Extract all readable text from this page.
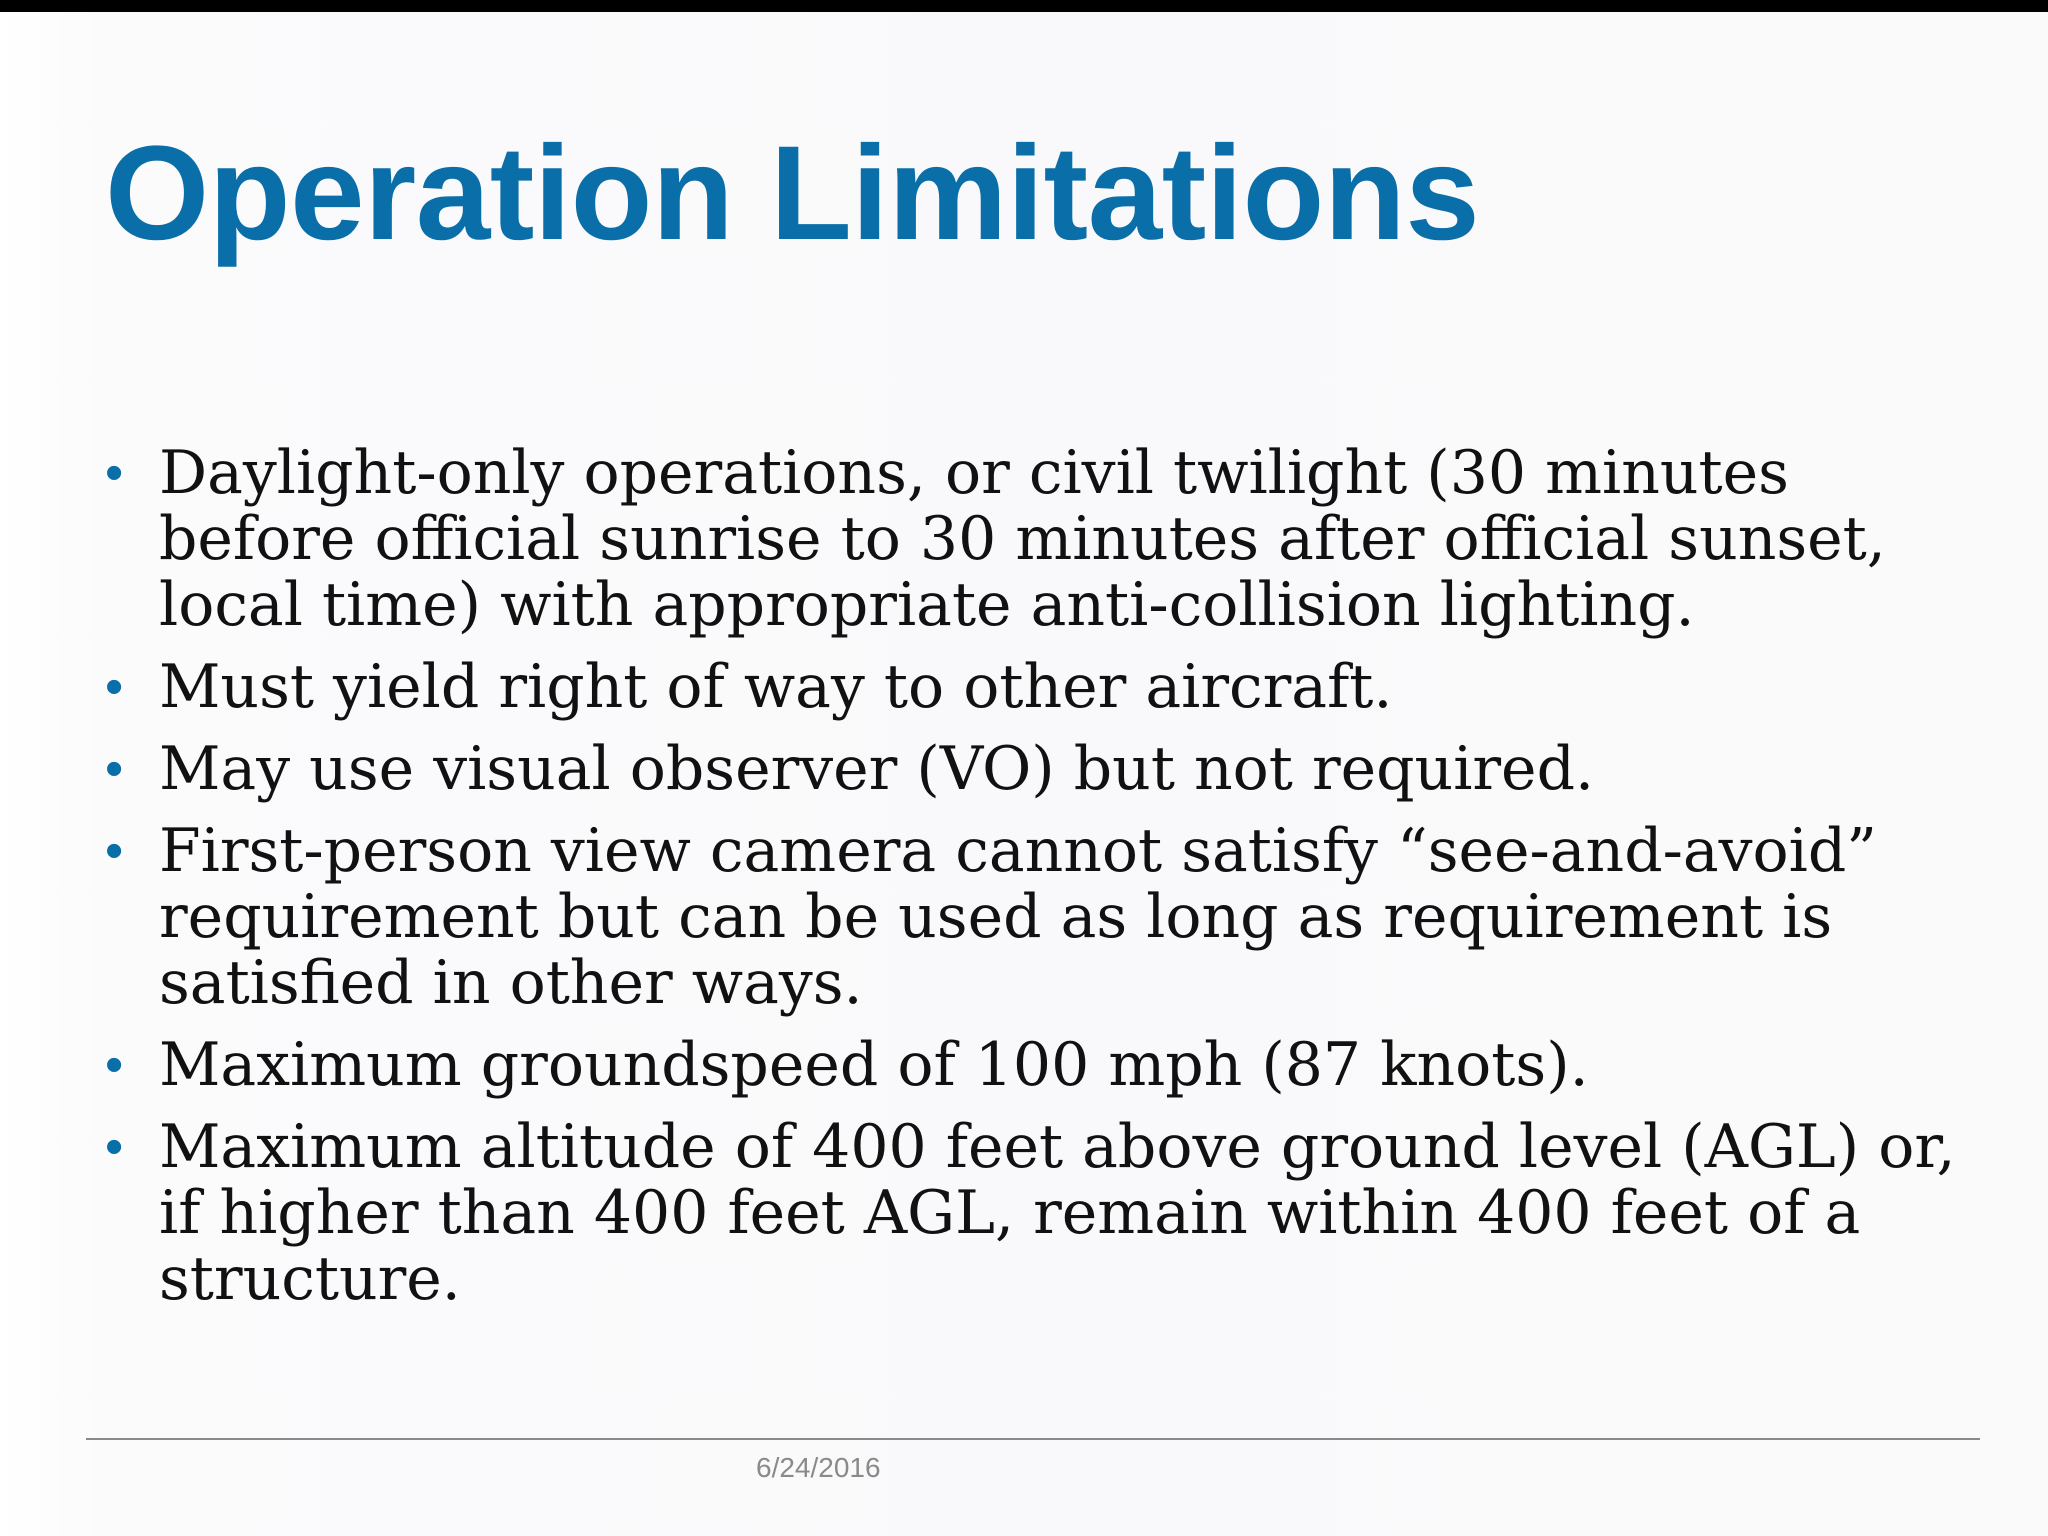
Operation Limitations
• Daylight-only operations, or civil twilight (30 minutes before official sunrise to 30 minutes after official sunset, local time) with appropriate anti-collision lighting.
• Must yield right of way to other aircraft.
• May use visual observer (VO) but not required.
• First-person view camera cannot satisfy “see-and-avoid” requirement but can be used as long as requirement is satisfied in other ways.
• Maximum groundspeed of 100 mph (87 knots).
• Maximum altitude of 400 feet above ground level (AGL) or, if higher than 400 feet AGL, remain within 400 feet of a structure.
6/24/2016
